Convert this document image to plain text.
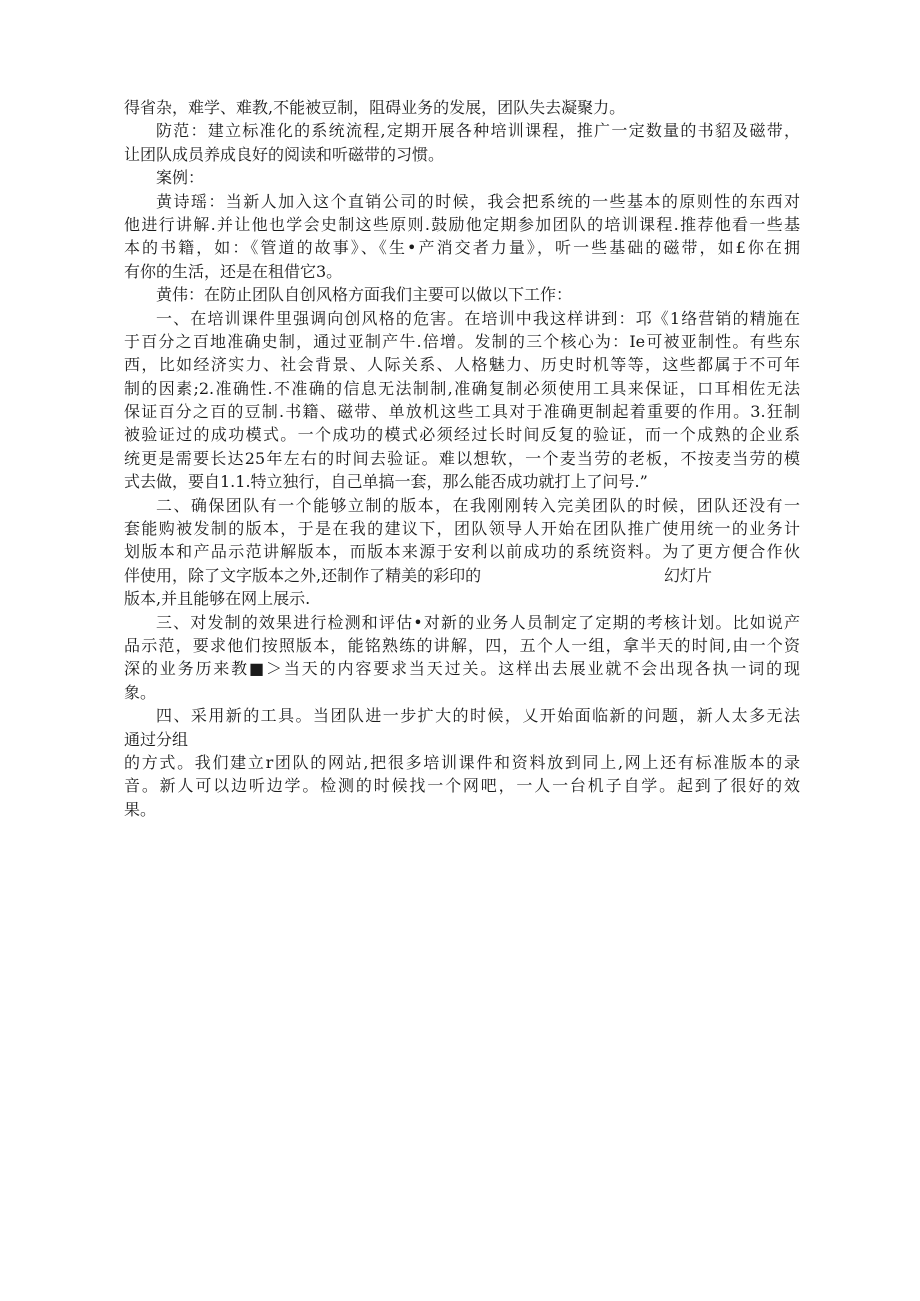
得省杂，难学、难教,不能被豆制，阻碍业务的发展，团队失去凝聚力。
防范：建立标准化的系统流程,定期开展各种培训课程，推广一定数量的书貂及磁带，
让团队成员养成良好的阅读和听磁带的习惯。
案例：
黄诗瑶：当新人加入这个直销公司的时候，我会把系统的一些基本的原则性的东西对
他进行讲解.并让他也学会史制这些原则.鼓励他定期参加团队的培训课程.推荐他看一些基
本的书籍，如：《管道的故事》、《生•产消交者力量》，听一些基础的磁带，如£你在拥
有你的生活，还是在租借它3。
黄伟：在防止团队自创风格方面我们主要可以做以下工作：
一、在培训课件里强调向创风格的危害。在培训中我这样讲到：邛《1络营销的精施在
于百分之百地准确史制，通过亚制产牛.倍增。发制的三个核心为：Ie可被亚制性。有些东
西，比如经济实力、社会背景、人际关系、人格魅力、历史时机等等，这些都属于不可年
制的因素;2.准确性.不准确的信息无法制制,准确复制必须使用工具来保证，口耳相佐无法
保证百分之百的豆制.书籍、磁带、单放机这些工具对于准确更制起着重要的作用。3.狂制
被验证过的成功模式。一个成功的模式必须经过长时间反复的验证，而一个成熟的企业系
统更是需要长达25年左右的时间去验证。难以想软，一个麦当劳的老板，不按麦当劳的模
式去做，要自1.1.特立独行，自己单搞一套，那么能否成功就打上了问号.”
二、确保团队有一个能够立制的版本，在我刚刚转入完美团队的时候，团队还没有一
套能购被发制的版本，于是在我的建议下，团队领导人开始在团队推广使用统一的业务计
划版本和产品示范讲解版本，而版本来源于安利以前成功的系统资料。为了更方便合作伙
伴使用，除了文字版本之外,还制作了精美的彩印的	幻灯片
版本,并且能够在网上展示.
三、对发制的效果进行检测和评估•对新的业务人员制定了定期的考核计划。比如说产
品示范，要求他们按照版本，能铭熟练的讲解，四，五个人一组，拿半天的时间,由一个资
深的业务历来教■＞当天的内容要求当天过关。这样出去展业就不会出现各执一词的现
象。
四、采用新的工具。当团队进一步扩大的时候，乂开始面临新的问题，新人太多无法
通过分组
的方式。我们建立r团队的网站,把很多培训课件和资料放到同上,网上还有标准版本的录
音。新人可以边听边学。检测的时候找一个网吧，一人一台机子自学。起到了很好的效
果。
